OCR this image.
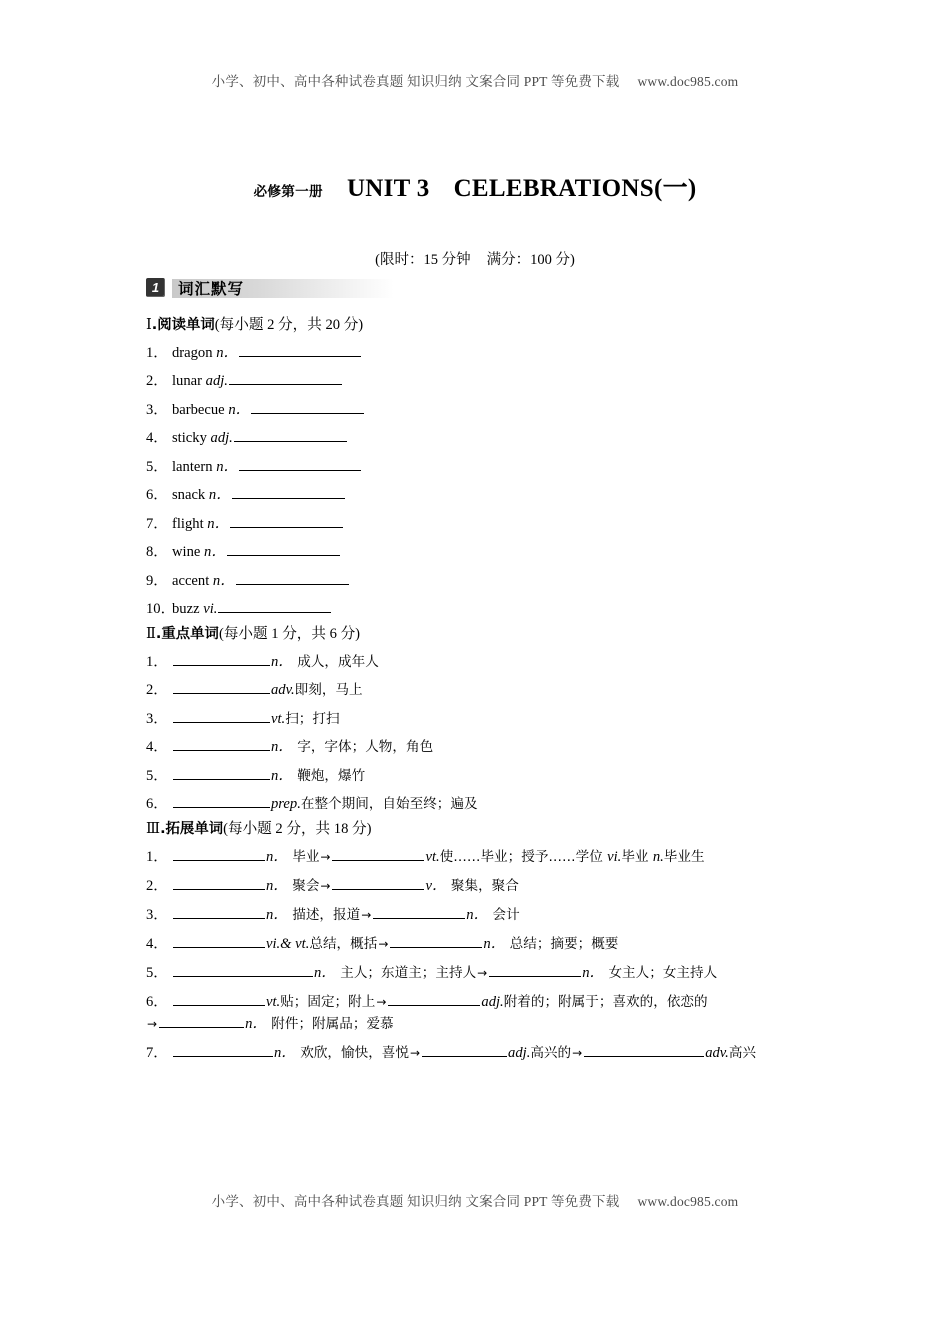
小学、初中、高中各种试卷真题 知识归纳 文案合同 PPT 等免费下载 www.doc985.com
必修第一册 UNIT 3 CELEBRATIONS(一)
(限时：15 分钟 满分：100 分)
1	词汇默写
Ⅰ.阅读单词(每小题 2 分，共 20 分)
1． dragon n．
2． lunar adj.
3． barbecue n．
4． sticky adj.
5． lantern n．
6． snack n．
7． flight n．
8． wine n．
9． accent n．
10．buzz vi.
Ⅱ.重点单词(每小题 1 分，共 6 分)
1．	n． 成人，成年人
2．	adv.即刻，马上
3．	vt.扫；打扫
4．	n． 字，字体；人物，角色
5．	n． 鞭炮，爆竹
6．	prep.在整个期间，自始至终；遍及
Ⅲ.拓展单词(每小题 2 分，共 18 分)
1．	n． 毕业→	vt.使……毕业；授予……学位 vi.毕业 n.毕业生
2．	n． 聚会→	v． 聚集，聚合
3．	n． 描述，报道→	n． 会计
4．	vi.& vt.总结，概括→	n． 总结；摘要；概要
5．	n． 主人；东道主；主持人→	n． 女主人；女主持人
6．	vt.贴；固定；附上→	adj.附着的；附属于；喜欢的，依恋的
→	n． 附件；附属品；爱慕
7．	n． 欢欣，愉快，喜悦→	adj.高兴的→	adv.高兴
小学、初中、高中各种试卷真题 知识归纳 文案合同 PPT 等免费下载 www.doc985.com
